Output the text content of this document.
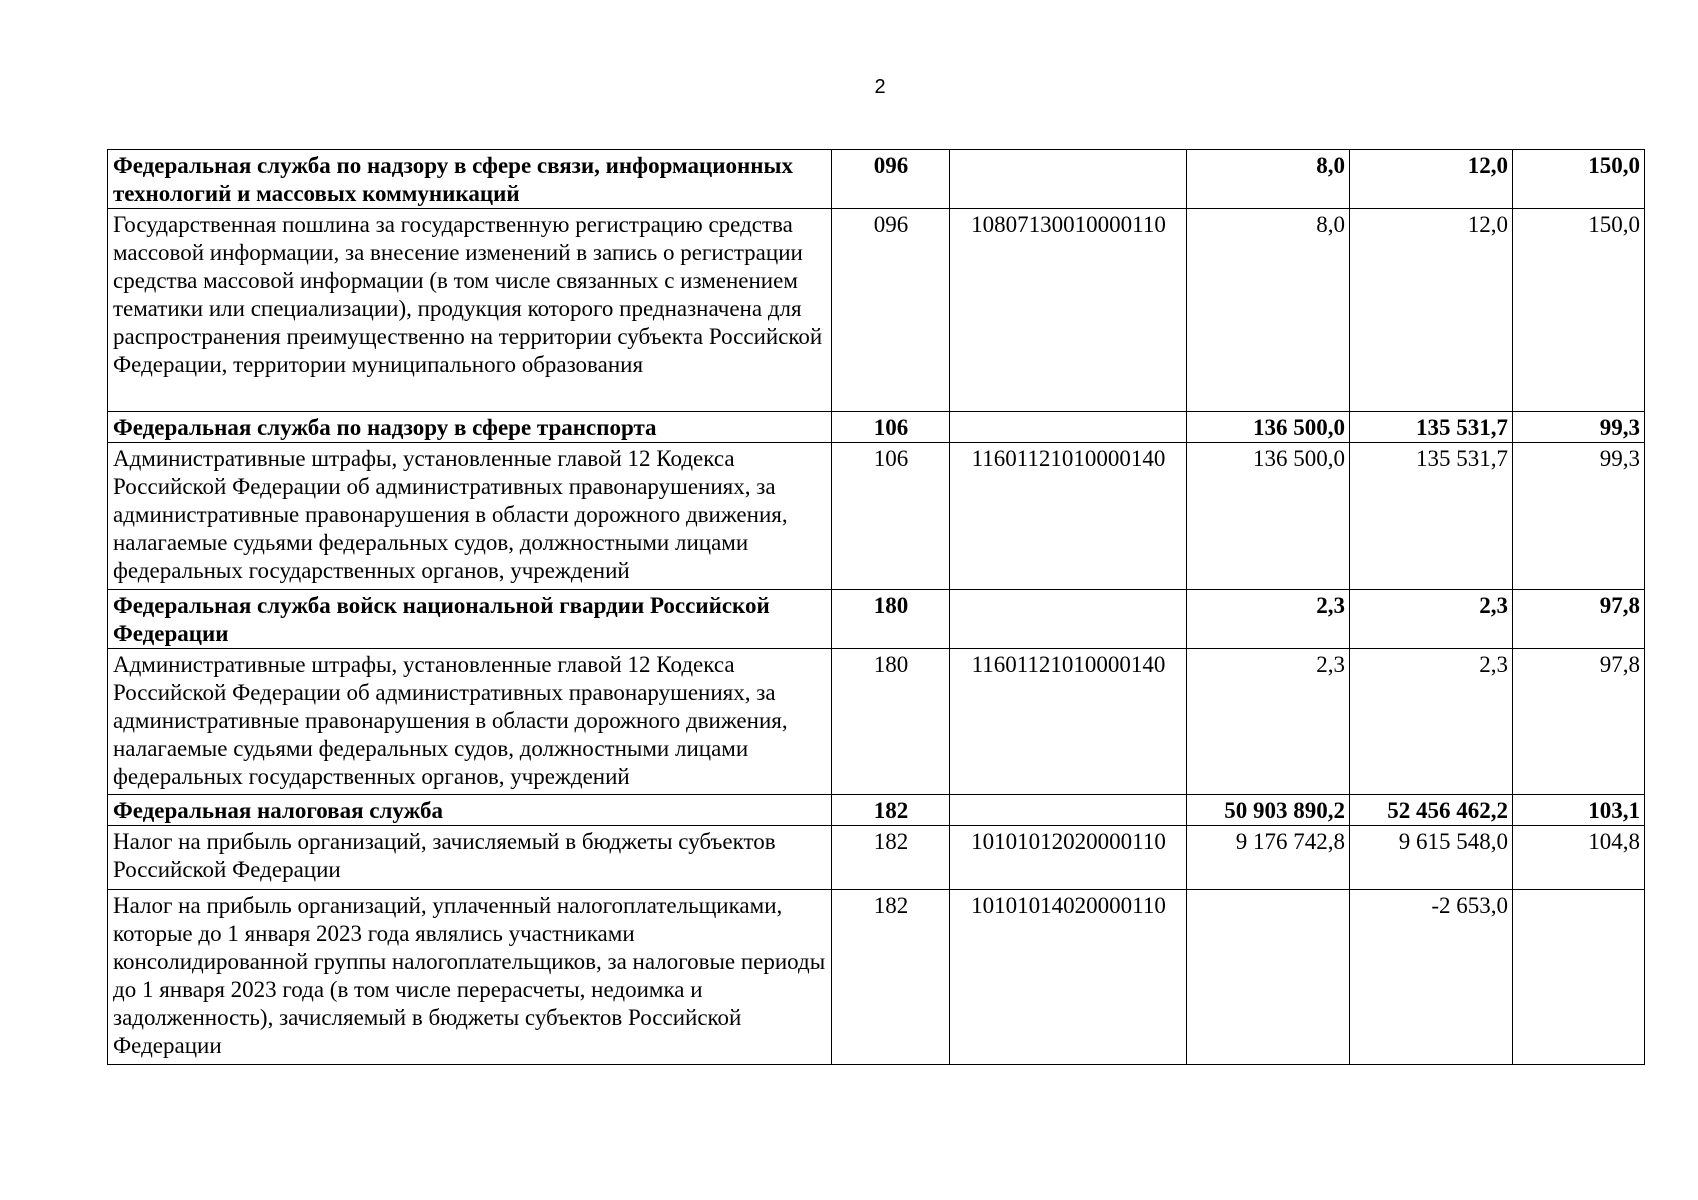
2
Федеральная служба по надзору в сфере связи, информационных технологий и массовых коммуникаций	096		8,0	12,0	150,0
Государственная пошлина за государственную регистрацию средства массовой информации, за внесение изменений в запись о регистрации средства массовой информации (в том числе связанных с изменением тематики или специализации), продукция которого предназначена для распространения преимущественно на территории субъекта Российской Федерации, территории муниципального образования	096	10807130010000110	8,0	12,0	150,0
Федеральная служба по надзору в сфере транспорта	106		136 500,0	135 531,7	99,3
Административные штрафы, установленные главой 12 Кодекса Российской Федерации об административных правонарушениях, за административные правонарушения в области дорожного движения, налагаемые судьями федеральных судов, должностными лицами федеральных государственных органов, учреждений	106	11601121010000140	136 500,0	135 531,7	99,3
Федеральная служба войск национальной гвардии Российской Федерации	180		2,3	2,3	97,8
Административные штрафы, установленные главой 12 Кодекса Российской Федерации об административных правонарушениях, за административные правонарушения в области дорожного движения, налагаемые судьями федеральных судов, должностными лицами федеральных государственных органов, учреждений	180	11601121010000140	2,3	2,3	97,8
Федеральная налоговая служба	182		50 903 890,2	52 456 462,2	103,1
Налог на прибыль организаций, зачисляемый в бюджеты субъектов Российской Федерации	182	10101012020000110	9 176 742,8	9 615 548,0	104,8
Налог на прибыль организаций, уплаченный налогоплательщиками, которые до 1 января 2023 года являлись участниками консолидированной группы налогоплательщиков, за налоговые периоды до 1 января 2023 года (в том числе перерасчеты, недоимка и задолженность), зачисляемый в бюджеты субъектов Российской Федерации	182	10101014020000110		-2 653,0	
